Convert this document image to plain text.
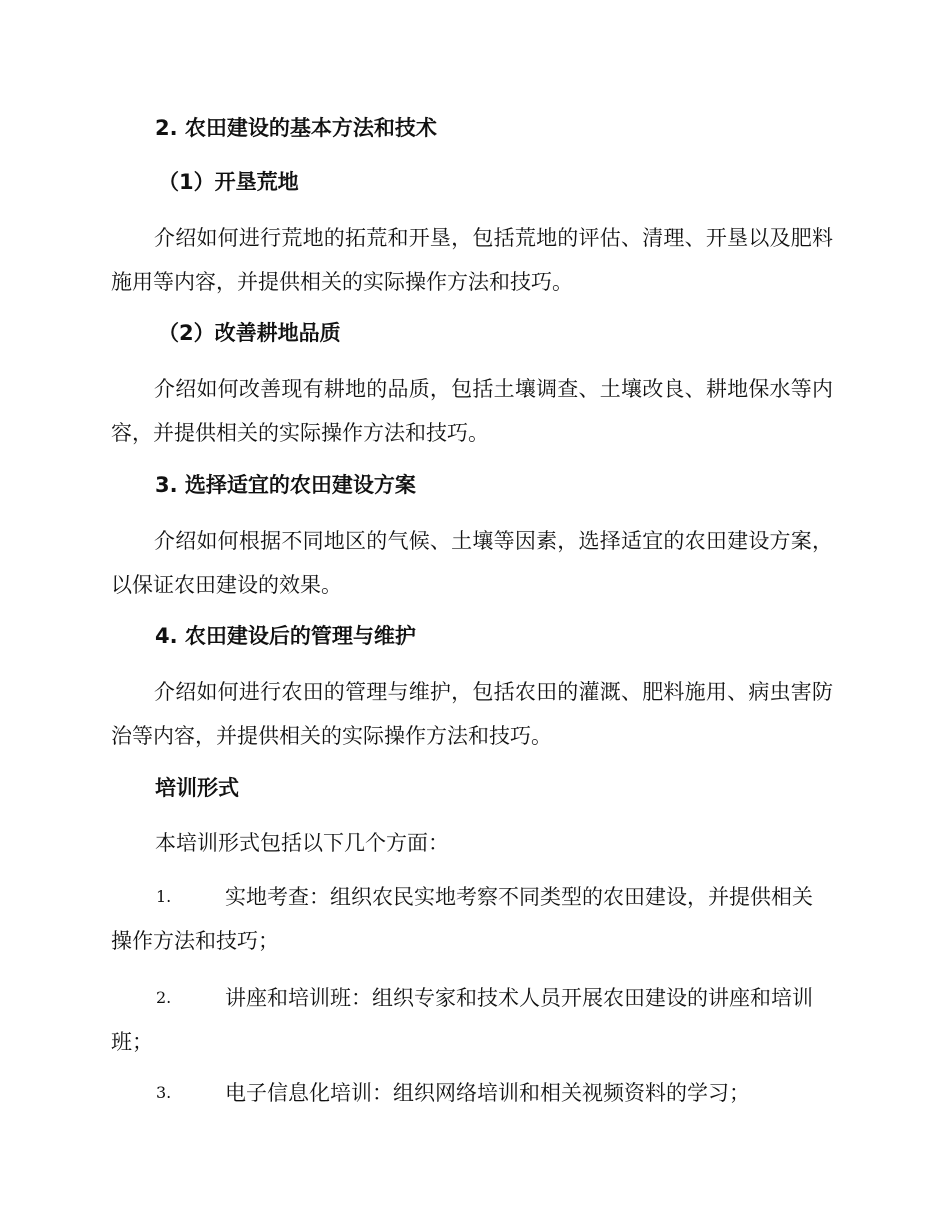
2. 农田建设的基本方法和技术
（1）开垦荒地

介绍如何进行荒地的拓荒和开垦，包括荒地的评估、清理、开垦以及肥料施用等内容，并提供相关的实际操作方法和技巧。

（2）改善耕地品质

介绍如何改善现有耕地的品质，包括土壤调查、土壤改良、耕地保水等内容，并提供相关的实际操作方法和技巧。

3. 选择适宜的农田建设方案

介绍如何根据不同地区的气候、土壤等因素，选择适宜的农田建设方案，以保证农田建设的效果。

4. 农田建设后的管理与维护

介绍如何进行农田的管理与维护，包括农田的灌溉、肥料施用、病虫害防治等内容，并提供相关的实际操作方法和技巧。

培训形式
本培训形式包括以下几个方面：
1.	实地考查：组织农民实地考察不同类型的农田建设，并提供相关
操作方法和技巧；
2.	讲座和培训班：组织专家和技术人员开展农田建设的讲座和培训
班；
3.	电子信息化培训：组织网络培训和相关视频资料的学习；
